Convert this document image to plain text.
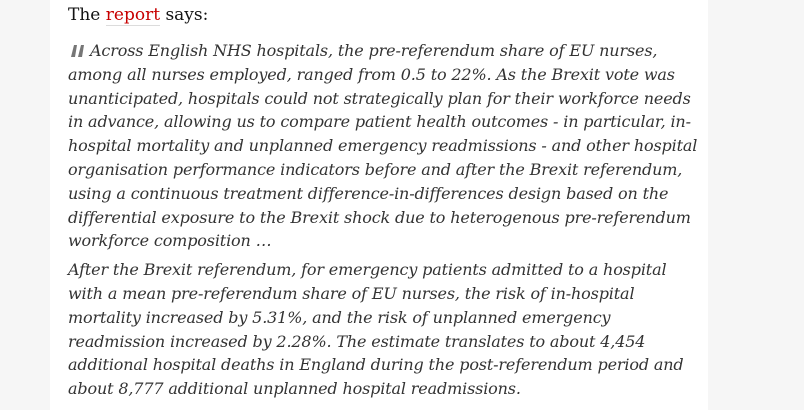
The report says:

Across English NHS hospitals, the pre-referendum share of EU nurses, among all nurses employed, ranged from 0.5 to 22%. As the Brexit vote was unanticipated, hospitals could not strategically plan for their workforce needs in advance, allowing us to compare patient health outcomes - in particular, in-hospital mortality and unplanned emergency readmissions - and other hospital organisation performance indicators before and after the Brexit referendum, using a continuous treatment difference-in-differences design based on the differential exposure to the Brexit shock due to heterogenous pre-referendum workforce composition …

After the Brexit referendum, for emergency patients admitted to a hospital with a mean pre-referendum share of EU nurses, the risk of in-hospital mortality increased by 5.31%, and the risk of unplanned emergency readmission increased by 2.28%. The estimate translates to about 4,454 additional hospital deaths in England during the post-referendum period and about 8,777 additional unplanned hospital readmissions.
